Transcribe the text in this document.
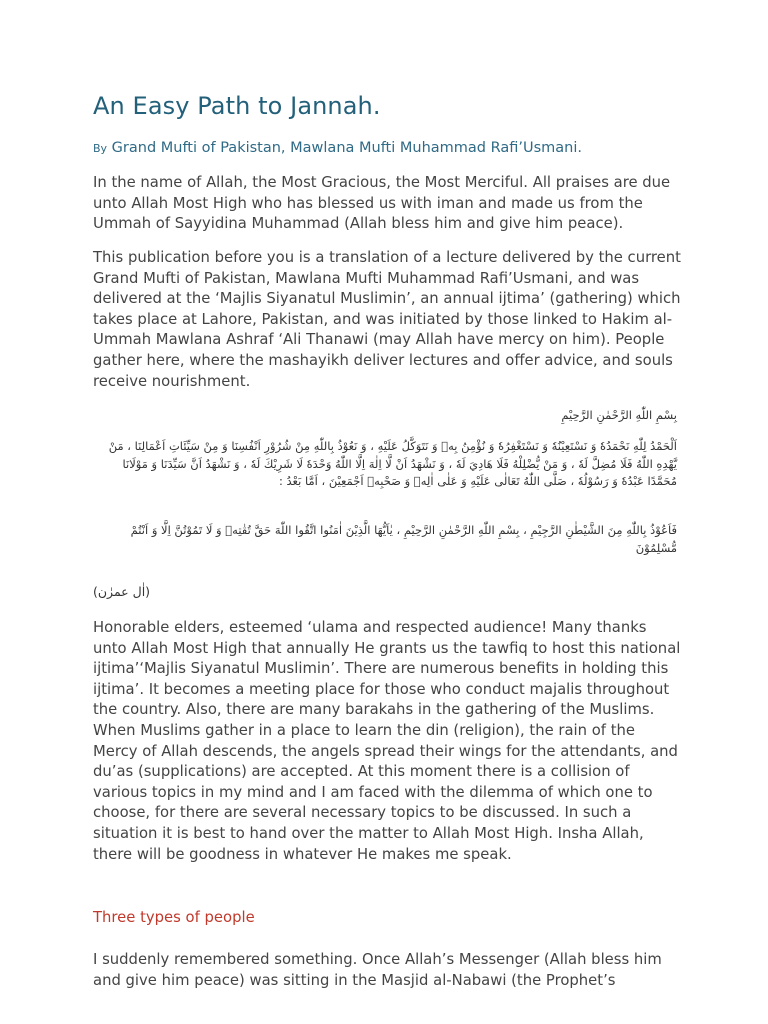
An Easy Path to Jannah.
By Grand Mufti of Pakistan, Mawlana Mufti Muhammad Rafi’Usmani.

In the name of Allah, the Most Gracious, the Most Merciful. All praises are due unto Allah Most High who has blessed us with iman and made us from the Ummah of Sayyidina Muhammad (Allah bless him and give him peace).

This publication before you is a translation of a lecture delivered by the current Grand Mufti of Pakistan, Mawlana Mufti Muhammad Rafi’Usmani, and was delivered at the ‘Majlis Siyanatul Muslimin’, an annual ijtima’ (gathering) which takes place at Lahore, Pakistan, and was initiated by those linked to Hakim al-Ummah Mawlana Ashraf ‘Ali Thanawi (may Allah have mercy on him). People gather here, where the mashayikh deliver lectures and offer advice, and souls receive nourishment.

بِسْمِ اللّٰهِ الرَّحْمٰنِ الرَّحِيْمِ

اَلْحَمْدُ لِلّٰهِ نَحْمَدُهٗ وَ نَسْتَعِيْنُهٗ وَ نَسْتَغْفِرُهٗ وَ نُؤْمِنُ بِهٖ وَ نَتَوَكَّلُ عَلَيْهِ ، وَ نَعُوْذُ بِاللّٰهِ مِنْ شُرُوْرِ اَنْفُسِنَا وَ مِنْ سَيِّئَاتِ اَعْمَالِنَا ، مَنْ يَّهْدِهِ اللّٰهُ فَلَا مُضِلَّ لَهٗ ، وَ مَنْ يُّضْلِلْهُ فَلَا هَادِيَ لَهٗ ، وَ نَشْهَدُ اَنْ لَّا اِلٰهَ اِلَّا اللّٰهُ وَحْدَهٗ لَا شَرِيْكَ لَهٗ ، وَ نَشْهَدُ اَنَّ سَيِّدَنَا وَ مَوْلَانَا مُحَمَّدًا عَبْدُهٗ وَ رَسُوْلُهٗ ، صَلَّى اللّٰهُ تَعَالٰى عَلَيْهِ وَ عَلٰى اٰلِهٖ وَ صَحْبِهٖ اَجْمَعِيْنَ ، اَمَّا بَعْدُ :

فَاَعُوْذُ بِاللّٰهِ مِنَ الشَّيْطٰنِ الرَّجِيْمِ ، بِسْمِ اللّٰهِ الرَّحْمٰنِ الرَّحِيْمِ ، يٰاَيُّهَا الَّذِيْنَ اٰمَنُوا اتَّقُوا اللّٰهَ حَقَّ تُقٰتِهٖ وَ لَا تَمُوْتُنَّ اِلَّا وَ اَنْتُمْ مُّسْلِمُوْنَ

(اٰل عمرٰن)

Honorable elders, esteemed ‘ulama and respected audience! Many thanks unto Allah Most High that annually He grants us the tawfiq to host this national ijtima’‘Majlis Siyanatul Muslimin’. There are numerous benefits in holding this ijtima’. It becomes a meeting place for those who conduct majalis throughout the country. Also, there are many barakahs in the gathering of the Muslims. When Muslims gather in a place to learn the din (religion), the rain of the Mercy of Allah descends, the angels spread their wings for the attendants, and du’as (supplications) are accepted. At this moment there is a collision of various topics in my mind and I am faced with the dilemma of which one to choose, for there are several necessary topics to be discussed. In such a situation it is best to hand over the matter to Allah Most High. Insha Allah, there will be goodness in whatever He makes me speak.

Three types of people

I suddenly remembered something. Once Allah’s Messenger (Allah bless him and give him peace) was sitting in the Masjid al-Nabawi (the Prophet’s
